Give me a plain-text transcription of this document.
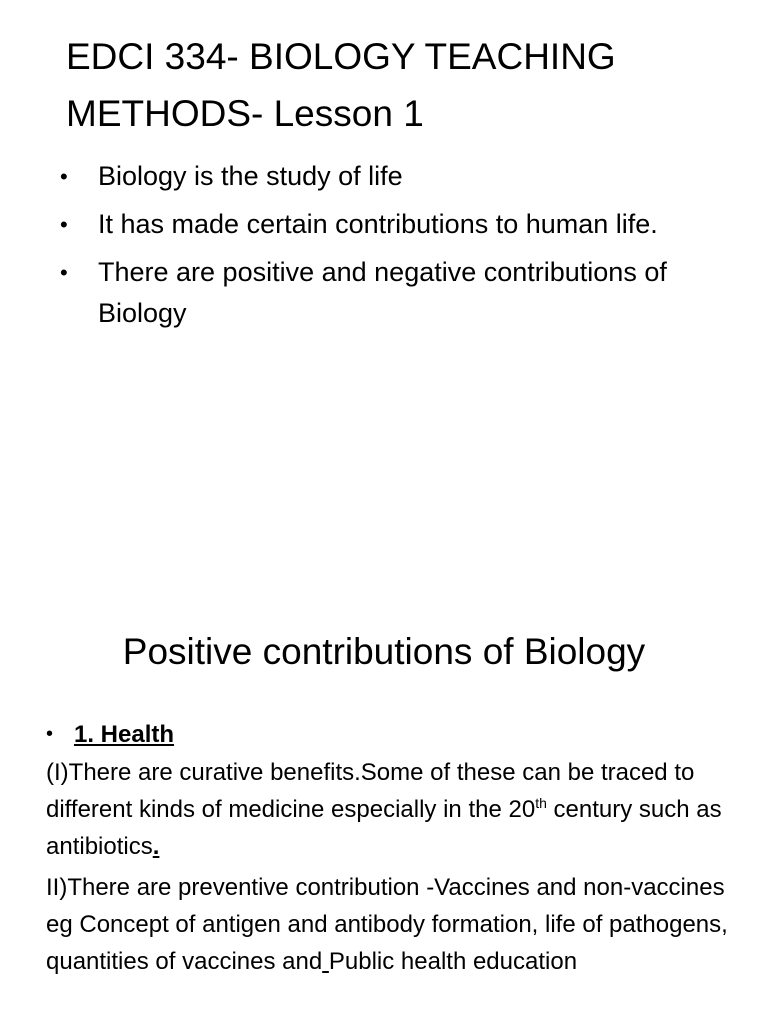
EDCI 334- BIOLOGY TEACHING METHODS- Lesson 1
• Biology is the study of life
• It has made certain contributions to human life.
• There are positive and negative contributions of Biology
Positive contributions of Biology
• 1. Health

(I)There are curative benefits.Some of these can be traced to different kinds of medicine especially in the 20th century such as antibiotics.

II)There are preventive contribution -Vaccines and non-vaccines eg Concept of antigen and antibody formation, life of pathogens, quantities of vaccines and Public health education
